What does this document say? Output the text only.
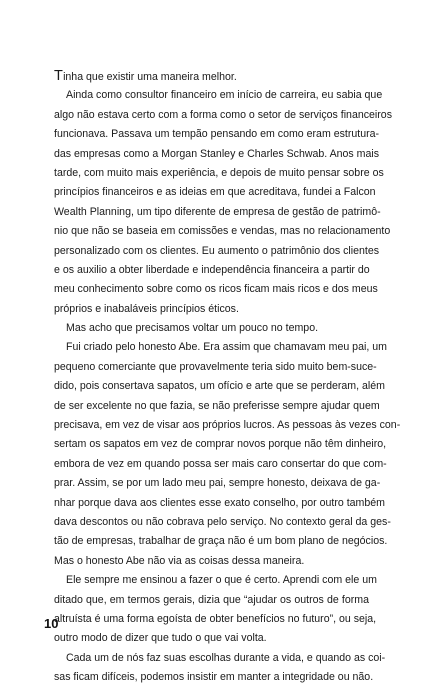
Tinha que existir uma maneira melhor.
Ainda como consultor financeiro em início de carreira, eu sabia que
algo não estava certo com a forma como o setor de serviços financeiros
funcionava. Passava um tempão pensando em como eram estrutura-
das empresas como a Morgan Stanley e Charles Schwab. Anos mais
tarde, com muito mais experiência, e depois de muito pensar sobre os
princípios financeiros e as ideias em que acreditava, fundei a Falcon
Wealth Planning, um tipo diferente de empresa de gestão de patrimô-
nio que não se baseia em comissões e vendas, mas no relacionamento
personalizado com os clientes. Eu aumento o patrimônio dos clientes
e os auxilio a obter liberdade e independência financeira a partir do
meu conhecimento sobre como os ricos ficam mais ricos e dos meus
próprios e inabaláveis princípios éticos.
Mas acho que precisamos voltar um pouco no tempo.
Fui criado pelo honesto Abe. Era assim que chamavam meu pai, um
pequeno comerciante que provavelmente teria sido muito bem-suce-
dido, pois consertava sapatos, um ofício e arte que se perderam, além
de ser excelente no que fazia, se não preferisse sempre ajudar quem
precisava, em vez de visar aos próprios lucros. As pessoas às vezes con-
sertam os sapatos em vez de comprar novos porque não têm dinheiro,
embora de vez em quando possa ser mais caro consertar do que com-
prar. Assim, se por um lado meu pai, sempre honesto, deixava de ga-
nhar porque dava aos clientes esse exato conselho, por outro também
dava descontos ou não cobrava pelo serviço. No contexto geral da ges-
tão de empresas, trabalhar de graça não é um bom plano de negócios.
Mas o honesto Abe não via as coisas dessa maneira.
Ele sempre me ensinou a fazer o que é certo. Aprendi com ele um
ditado que, em termos gerais, dizia que “ajudar os outros de forma
altruísta é uma forma egoísta de obter benefícios no futuro”, ou seja,
outro modo de dizer que tudo o que vai volta.
Cada um de nós faz suas escolhas durante a vida, e quando as coi-
sas ficam difíceis, podemos insistir em manter a integridade ou não.
10
